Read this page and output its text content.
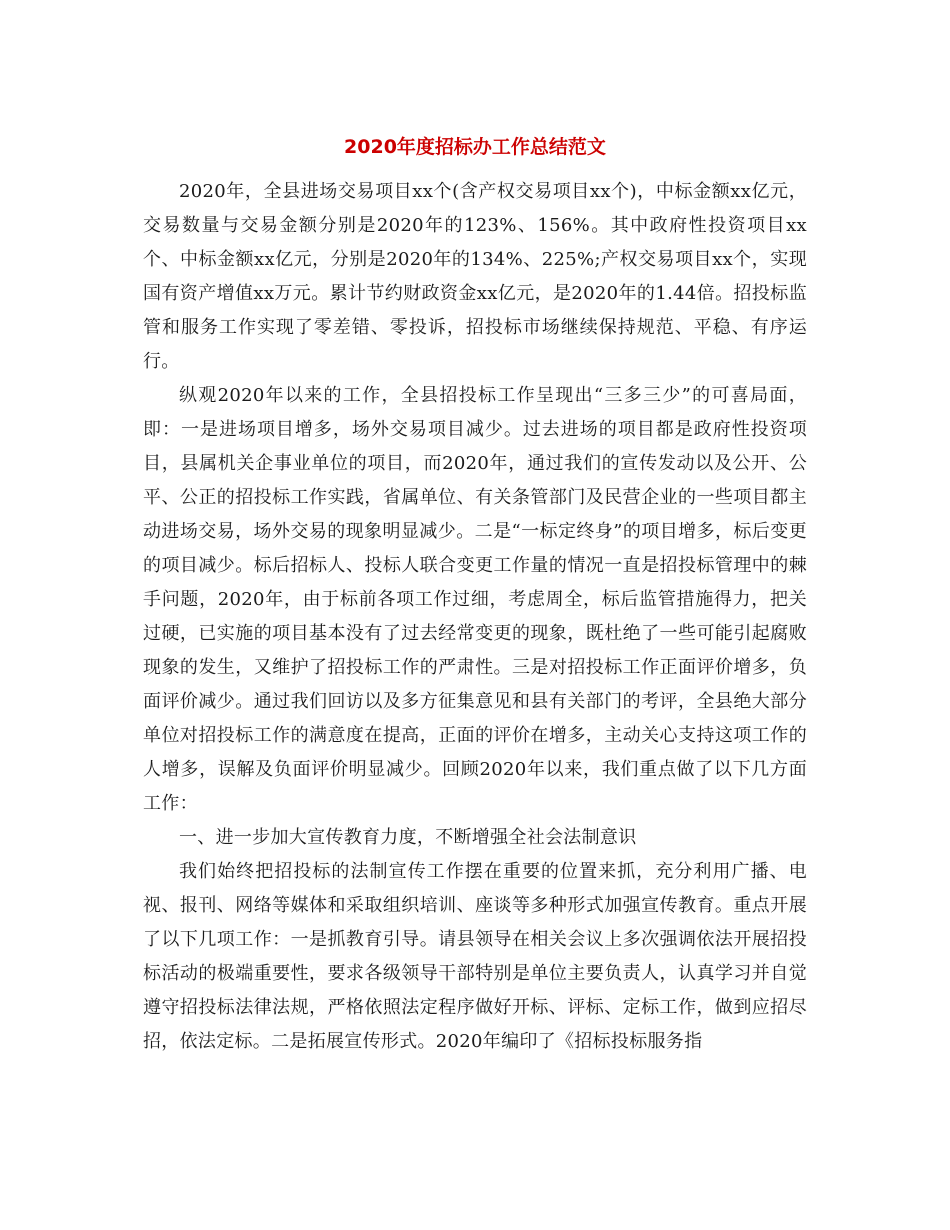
2020年度招标办工作总结范文

2020年，全县进场交易项目xx个(含产权交易项目xx个)，中标金额xx亿元，交易数量与交易金额分别是2020年的123%、156%。其中政府性投资项目xx个、中标金额xx亿元，分别是2020年的134%、225%;产权交易项目xx个，实现国有资产增值xx万元。累计节约财政资金xx亿元，是2020年的1.44倍。招投标监管和服务工作实现了零差错、零投诉，招投标市场继续保持规范、平稳、有序运行。

纵观2020年以来的工作，全县招投标工作呈现出“三多三少”的可喜局面，即：一是进场项目增多，场外交易项目减少。过去进场的项目都是政府性投资项目，县属机关企事业单位的项目，而2020年，通过我们的宣传发动以及公开、公平、公正的招投标工作实践，省属单位、有关条管部门及民营企业的一些项目都主动进场交易，场外交易的现象明显减少。二是“一标定终身”的项目增多，标后变更的项目减少。标后招标人、投标人联合变更工作量的情况一直是招投标管理中的棘手问题，2020年，由于标前各项工作过细，考虑周全，标后监管措施得力，把关过硬，已实施的项目基本没有了过去经常变更的现象，既杜绝了一些可能引起腐败现象的发生，又维护了招投标工作的严肃性。三是对招投标工作正面评价增多，负面评价减少。通过我们回访以及多方征集意见和县有关部门的考评，全县绝大部分单位对招投标工作的满意度在提高，正面的评价在增多，主动关心支持这项工作的人增多，误解及负面评价明显减少。回顾2020年以来，我们重点做了以下几方面工作：

一、进一步加大宣传教育力度，不断增强全社会法制意识

我们始终把招投标的法制宣传工作摆在重要的位置来抓，充分利用广播、电视、报刊、网络等媒体和采取组织培训、座谈等多种形式加强宣传教育。重点开展了以下几项工作：一是抓教育引导。请县领导在相关会议上多次强调依法开展招投标活动的极端重要性，要求各级领导干部特别是单位主要负责人，认真学习并自觉遵守招投标法律法规，严格依照法定程序做好开标、评标、定标工作，做到应招尽招，依法定标。二是拓展宣传形式。2020年编印了《招标投标服务指
